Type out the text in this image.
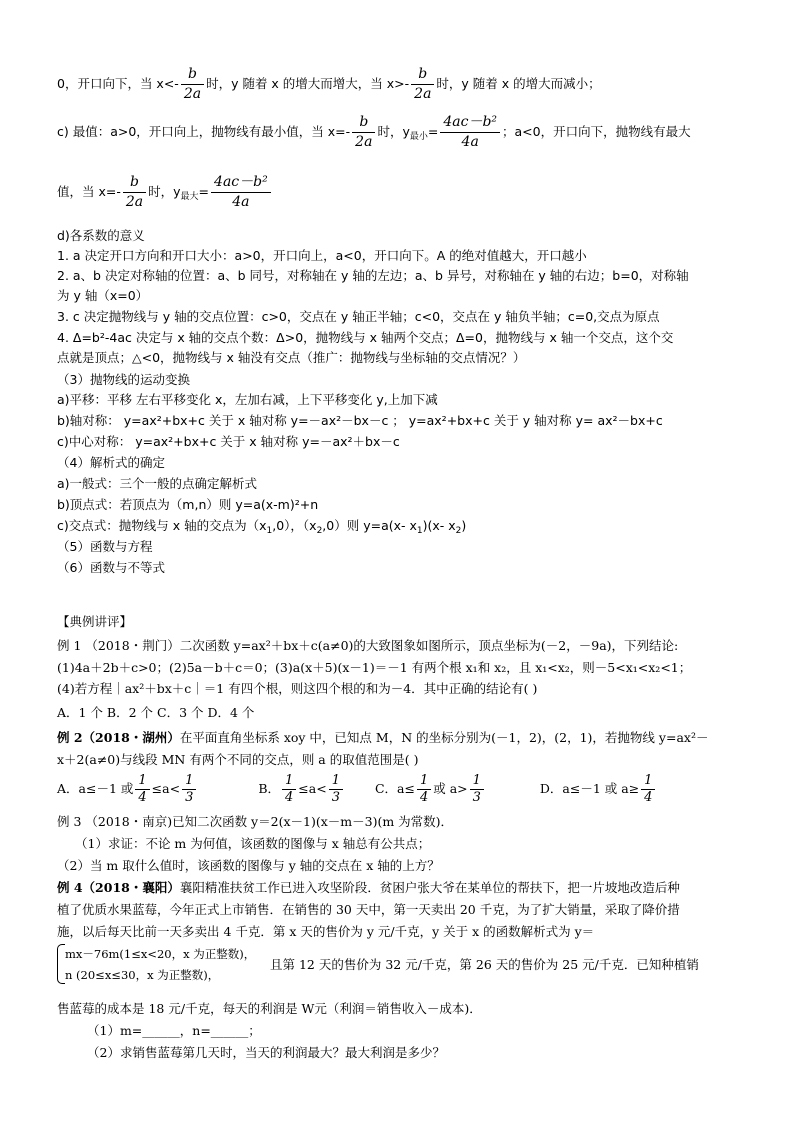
0，开口向下，当 $x<- \frac{b}{2a}$ 时，y 随着 x 的增大而增大，当 $x>- \frac{b}{2a}$ 时，y 随着 x 的增大而减小；
c) 最值：a>0，开口向上，抛物线有最小值，当 $x=- \frac{b}{2a}$ 时，$y_{最小}= \frac{\text{4ac－b²}}{4a}$ ；a<0，开口向下，抛物线有最大
值，当 $x=- \frac{b}{2a}$ 时，$y_{最大}= \frac{\text{4ac－b²}}{4a}$
d)各系数的意义
1. a 决定开口方向和开口大小：a>0，开口向上，a<0，开口向下。A 的绝对值越大，开口越小
2. a、b 决定对称轴的位置：a、b 同号，对称轴在 y 轴的左边；a、b 异号，对称轴在 y 轴的右边；b=0，对称轴
为 y 轴（x=0）
3. c 决定抛物线与 y 轴的交点位置：c>0，交点在 y 轴正半轴；c<0，交点在 y 轴负半轴；c=0,交点为原点
4. Δ=b²-4ac 决定与 x 轴的交点个数：Δ>0，抛物线与 x 轴两个交点；Δ=0，抛物线与 x 轴一个交点，这个交
点就是顶点；△<0，抛物线与 x 轴没有交点（推广：抛物线与坐标轴的交点情况？）
（3）抛物线的运动变换
a)平移：平移 左右平移变化 x，左加右减，上下平移变化 y,上加下减
b)轴对称： y=ax²+bx+c 关于 x 轴对称 y=－ax²－bx－c ； y=ax²+bx+c 关于 y 轴对称 y= ax²－bx+c
c)中心对称： y=ax²+bx+c 关于 x 轴对称 y=－ax²＋bx－c
（4）解析式的确定
a)一般式：三个一般的点确定解析式
b)顶点式：若顶点为（m,n）则 y=a(x-m)²+n
c)交点式：抛物线与 x 轴的交点为$(x_1,0)$，$(x_2,0)$则 y=a(x- $x_1)(x-$ $x_2$)
（5）函数与方程
（6）函数与不等式
【典例讲评】
例 1 （2018・荆门）二次函数 y=ax²＋bx＋c(a≠0)的大致图象如图所示，顶点坐标为(－2，－9a)，下列结论:
(1)4a＋2b＋c>0；(2)5a－b＋c＝0；(3)a(x＋5)(x－1)＝－1 有两个根 x₁和 x₂，且 x₁<x₂，则－5<x₁<x₂<1；
(4)若方程｜ax²＋bx＋c｜＝1 有四个根，则这四个根的和为－4．其中正确的结论有( )
A．1 个 B．2 个 C．3 个 D．4 个
例 2（2018・湖州）在平面直角坐标系 xoy 中，已知点 M，N 的坐标分别为(－1，2)，(2，1)，若抛物线 y=ax²－
x＋2(a≠0)与线段 MN 有两个不同的交点，则 a 的取值范围是( )
A．a≤－1 或 $\frac{1}{4} \le a< \frac{1}{3}$	B． $\frac{1}{4} \le a< \frac{1}{3}$	C．$a\le \frac{1}{4}$ 或 $a> \frac{1}{3}$	D．a≤－1 或 $a\ge \frac{1}{4}$
例 3 （2018・南京)已知二次函数 y＝2(x－1)(x－m－3)(m 为常数)．
（1）求证：不论 m 为何值，该函数的图像与 x 轴总有公共点；
（2）当 m 取什么值时，该函数的图像与 y 轴的交点在 x 轴的上方？
例 4（2018・襄阳）襄阳精准扶贫工作已进入攻坚阶段．贫困户张大爷在某单位的帮扶下，把一片坡地改造后种
植了优质水果蓝莓，今年正式上市销售．在销售的 30 天中，第一天卖出 20 千克，为了扩大销量，采取了降价措
施，以后每天比前一天多卖出 4 千克．第 x 天的售价为 y 元/千克，y 关于 x 的函数解析式为 y＝
mx－76m(1≤x<20，x 为正整数)，
n (20≤x≤30，x 为正整数)，
且第 12 天的售价为 32 元/千克，第 26 天的售价为 25 元/千克．已知种植销
售蓝莓的成本是 18 元/千克，每天的利润是 W元（利润＝销售收入－成本)．
（1）m=______，n=______；
（2）求销售蓝莓第几天时，当天的利润最大？最大利润是多少？
